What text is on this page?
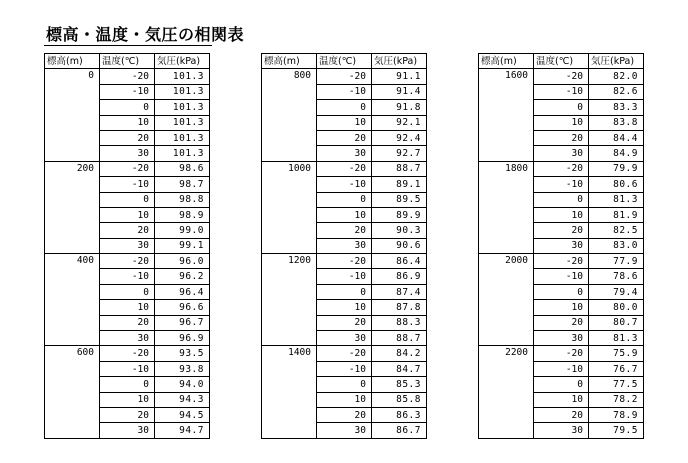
標高・温度・気圧の相関表
標高(m)	温度(℃)	気圧(kPa)
0	-20	101.3
	-10	101.3
	0	101.3
	10	101.3
	20	101.3
	30	101.3
200	-20	98.6
	-10	98.7
	0	98.8
	10	98.9
	20	99.0
	30	99.1
400	-20	96.0
	-10	96.2
	0	96.4
	10	96.6
	20	96.7
	30	96.9
600	-20	93.5
	-10	93.8
	0	94.0
	10	94.3
	20	94.5
	30	94.7
標高(m)	温度(℃)	気圧(kPa)
800	-20	91.1
	-10	91.4
	0	91.8
	10	92.1
	20	92.4
	30	92.7
1000	-20	88.7
	-10	89.1
	0	89.5
	10	89.9
	20	90.3
	30	90.6
1200	-20	86.4
	-10	86.9
	0	87.4
	10	87.8
	20	88.3
	30	88.7
1400	-20	84.2
	-10	84.7
	0	85.3
	10	85.8
	20	86.3
	30	86.7
標高(m)	温度(℃)	気圧(kPa)
1600	-20	82.0
	-10	82.6
	0	83.3
	10	83.8
	20	84.4
	30	84.9
1800	-20	79.9
	-10	80.6
	0	81.3
	10	81.9
	20	82.5
	30	83.0
2000	-20	77.9
	-10	78.6
	0	79.4
	10	80.0
	20	80.7
	30	81.3
2200	-20	75.9
	-10	76.7
	0	77.5
	10	78.2
	20	78.9
	30	79.5
